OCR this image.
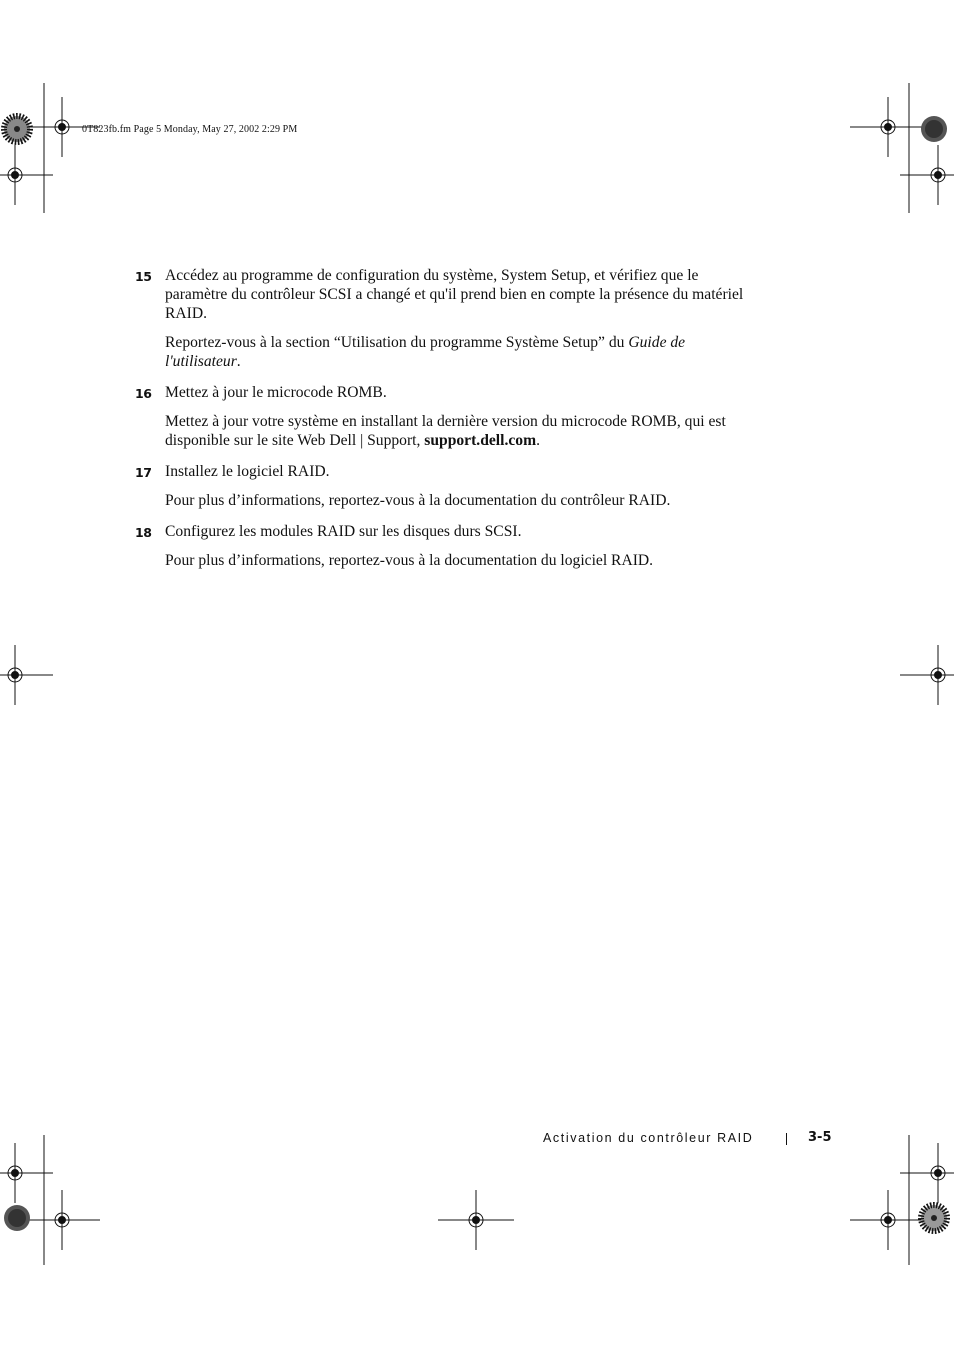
0T823fb.fm Page 5 Monday, May 27, 2002 2:29 PM
15 Accédez au programme de configuration du système, System Setup, et vérifiez que le paramètre du contrôleur SCSI a changé et qu'il prend bien en compte la présence du matériel RAID.

Reportez-vous à la section “Utilisation du programme Système Setup” du Guide de l'utilisateur.

16 Mettez à jour le microcode ROMB.

Mettez à jour votre système en installant la dernière version du microcode ROMB, qui est disponible sur le site Web Dell | Support, support.dell.com.

17 Installez le logiciel RAID.

Pour plus d’informations, reportez-vous à la documentation du contrôleur RAID.

18 Configurez les modules RAID sur les disques durs SCSI.

Pour plus d’informations, reportez-vous à la documentation du logiciel RAID.

Activation du contrôleur RAID	3-5
